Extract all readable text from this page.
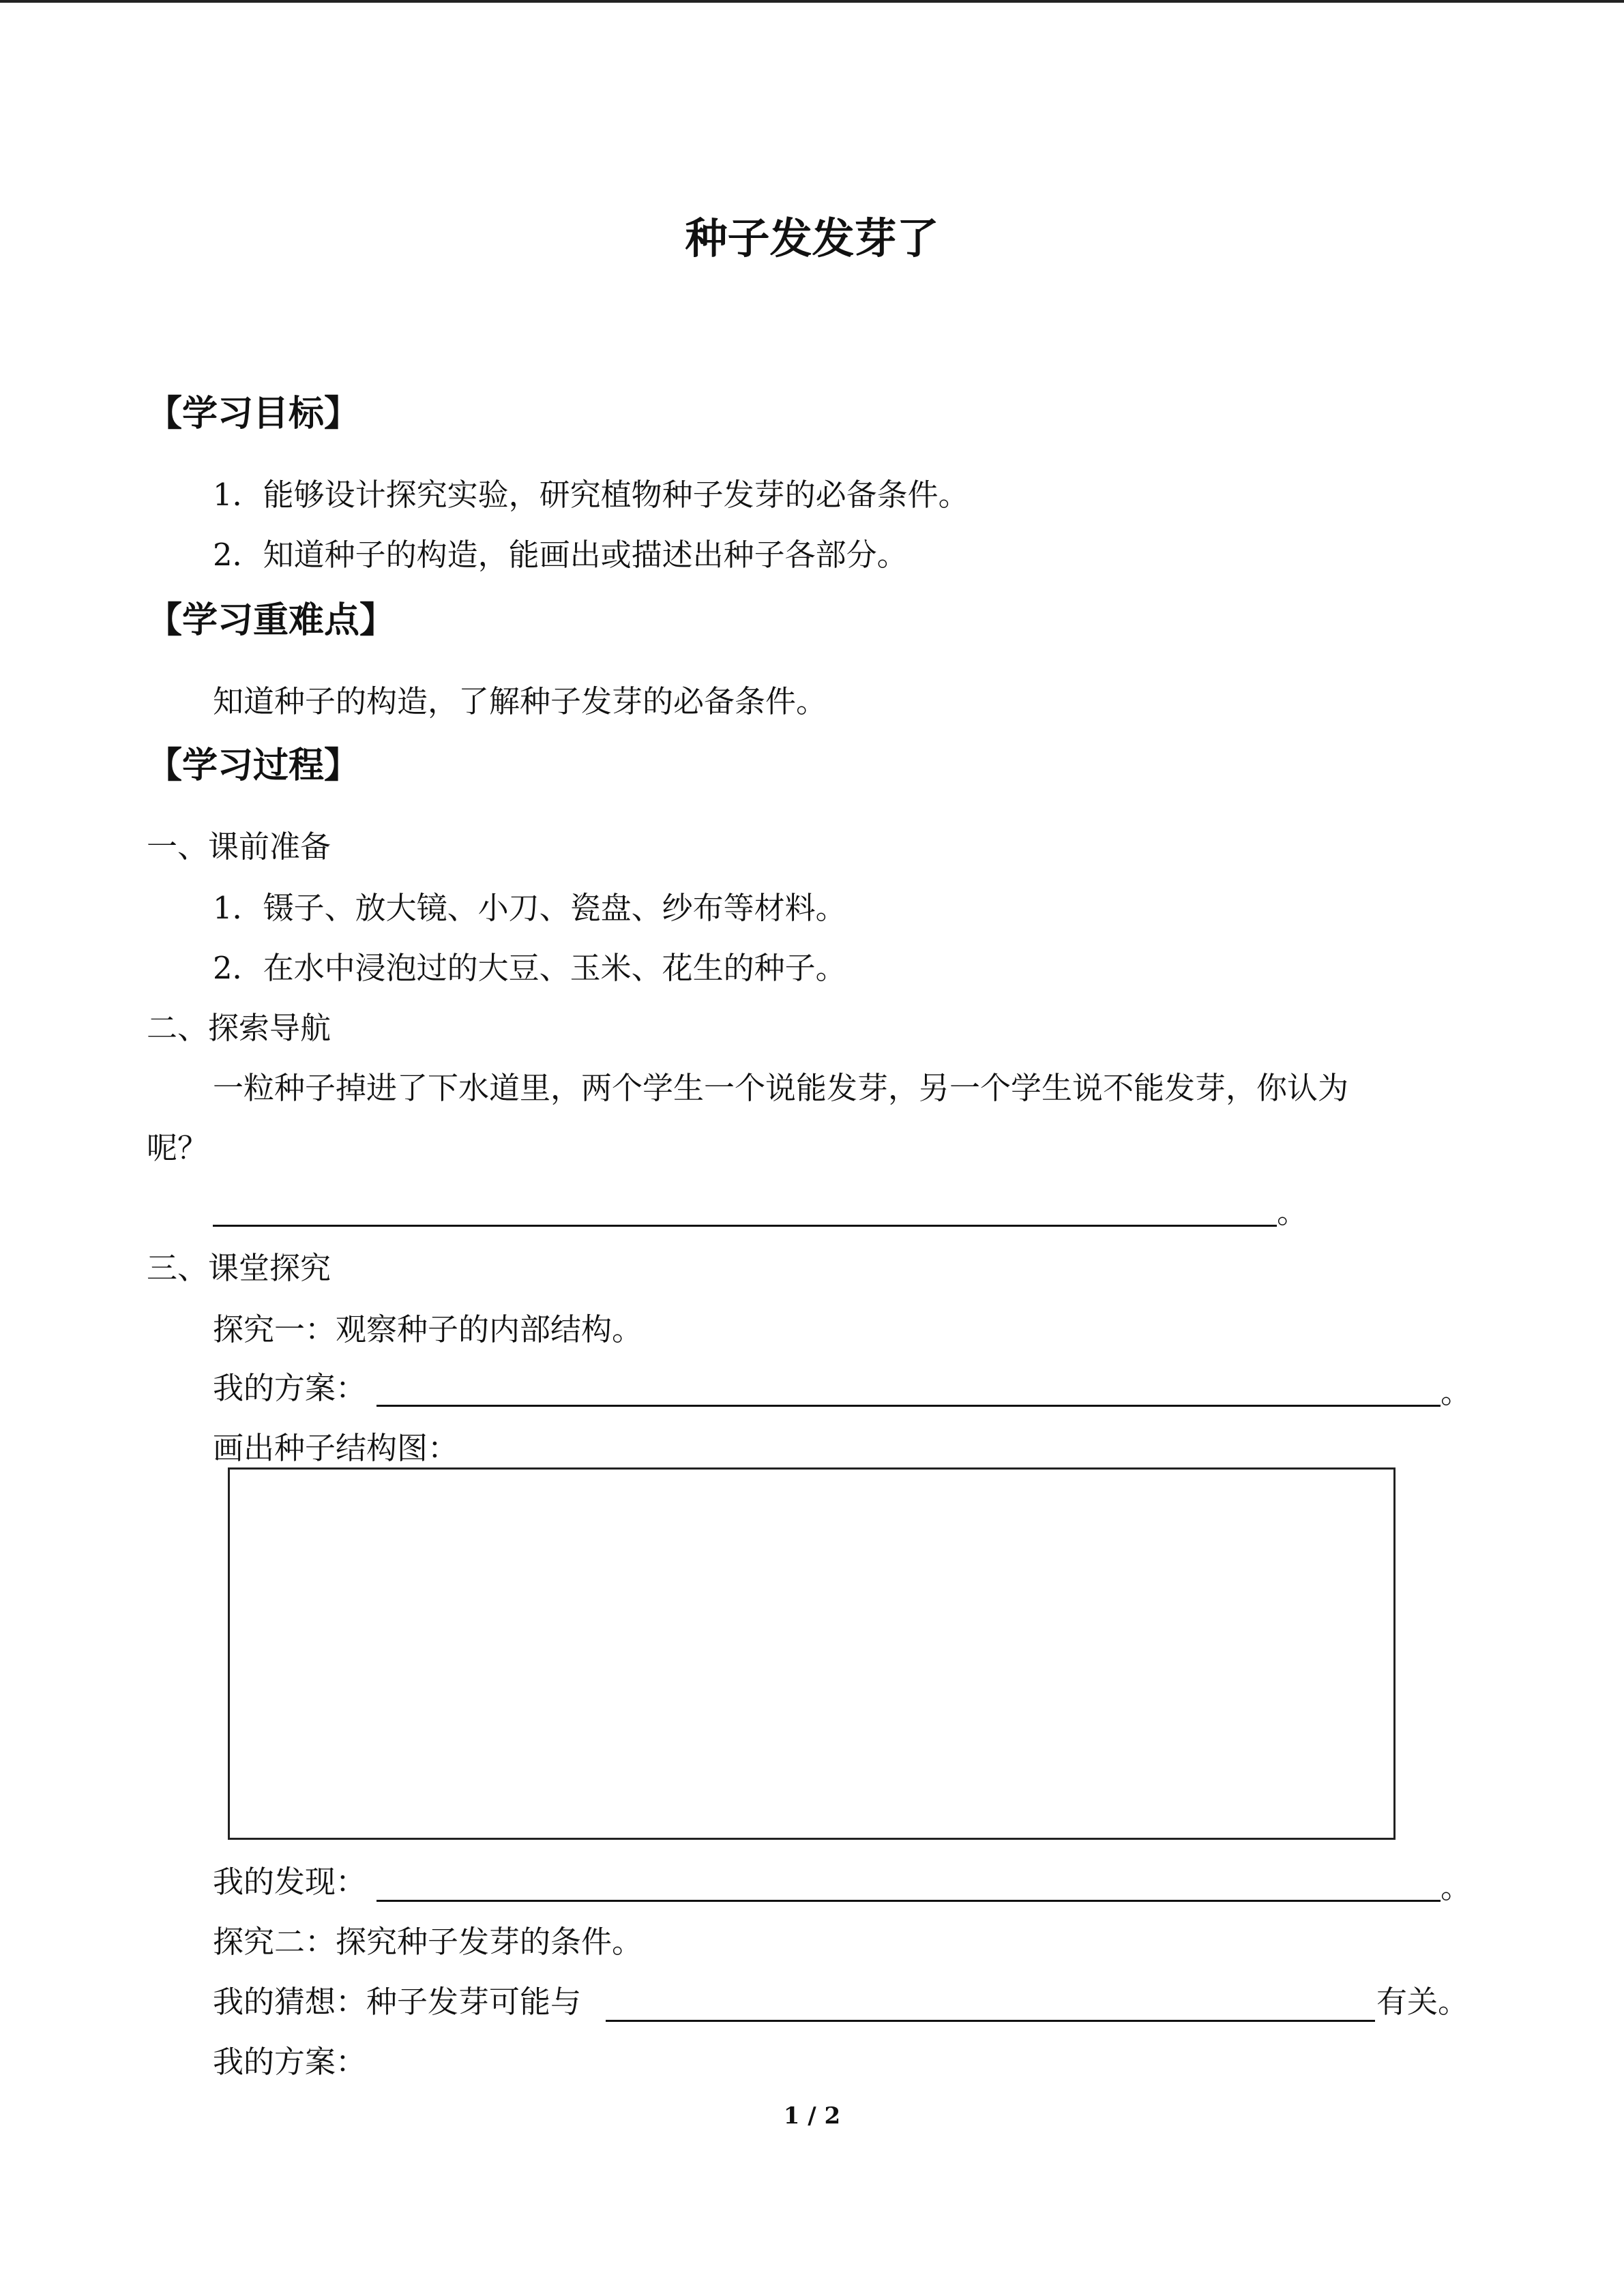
种子发发芽了
【学习目标】
1．能够设计探究实验，研究植物种子发芽的必备条件。
2．知道种子的构造，能画出或描述出种子各部分。
【学习重难点】
知道种子的构造，了解种子发芽的必备条件。
【学习过程】
一、课前准备
1．镊子、放大镜、小刀、瓷盘、纱布等材料。
2．在水中浸泡过的大豆、玉米、花生的种子。
二、探索导航
一粒种子掉进了下水道里，两个学生一个说能发芽，另一个学生说不能发芽，你认为
呢？
。
三、课堂探究
探究一：观察种子的内部结构。
我的方案：	。
画出种子结构图：
我的发现：	。
探究二：探究种子发芽的条件。
我的猜想：种子发芽可能与	有关。
我的方案：
1 / 2
